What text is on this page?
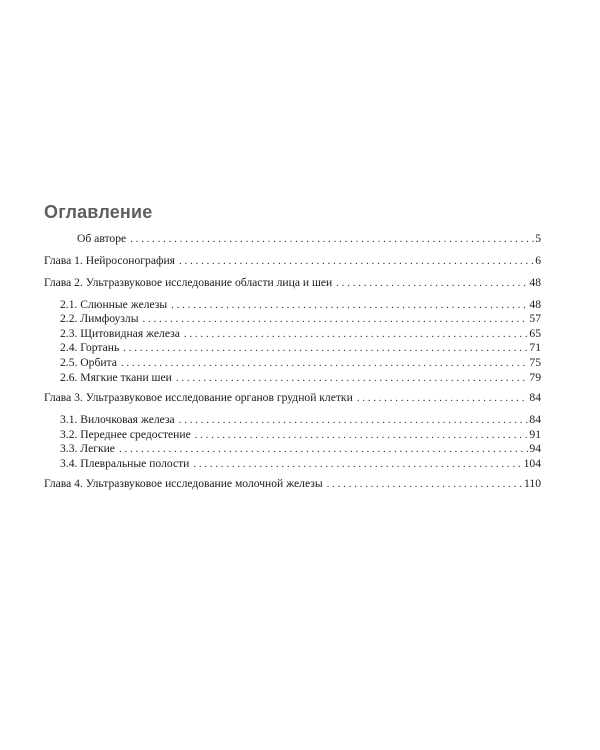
Оглавление
Об авторе . . .	5
Глава 1. Нейросонография . . .	6
Глава 2. Ультразвуковое исследование области лица и шеи . . .	48
2.1. Слюнные железы . . .	48
2.2. Лимфоузлы . . .	57
2.3. Щитовидная железа . . .	65
2.4. Гортань . . .	71
2.5. Орбита . . .	75
2.6. Мягкие ткани шеи . . .	79
Глава 3. Ультразвуковое исследование органов грудной клетки . . .	84
3.1. Вилочковая железа . . .	84
3.2. Переднее средостение . . .	91
3.3. Легкие . . .	94
3.4. Плевральные полости . . .	104
Глава 4. Ультразвуковое исследование молочной железы . . .	110
